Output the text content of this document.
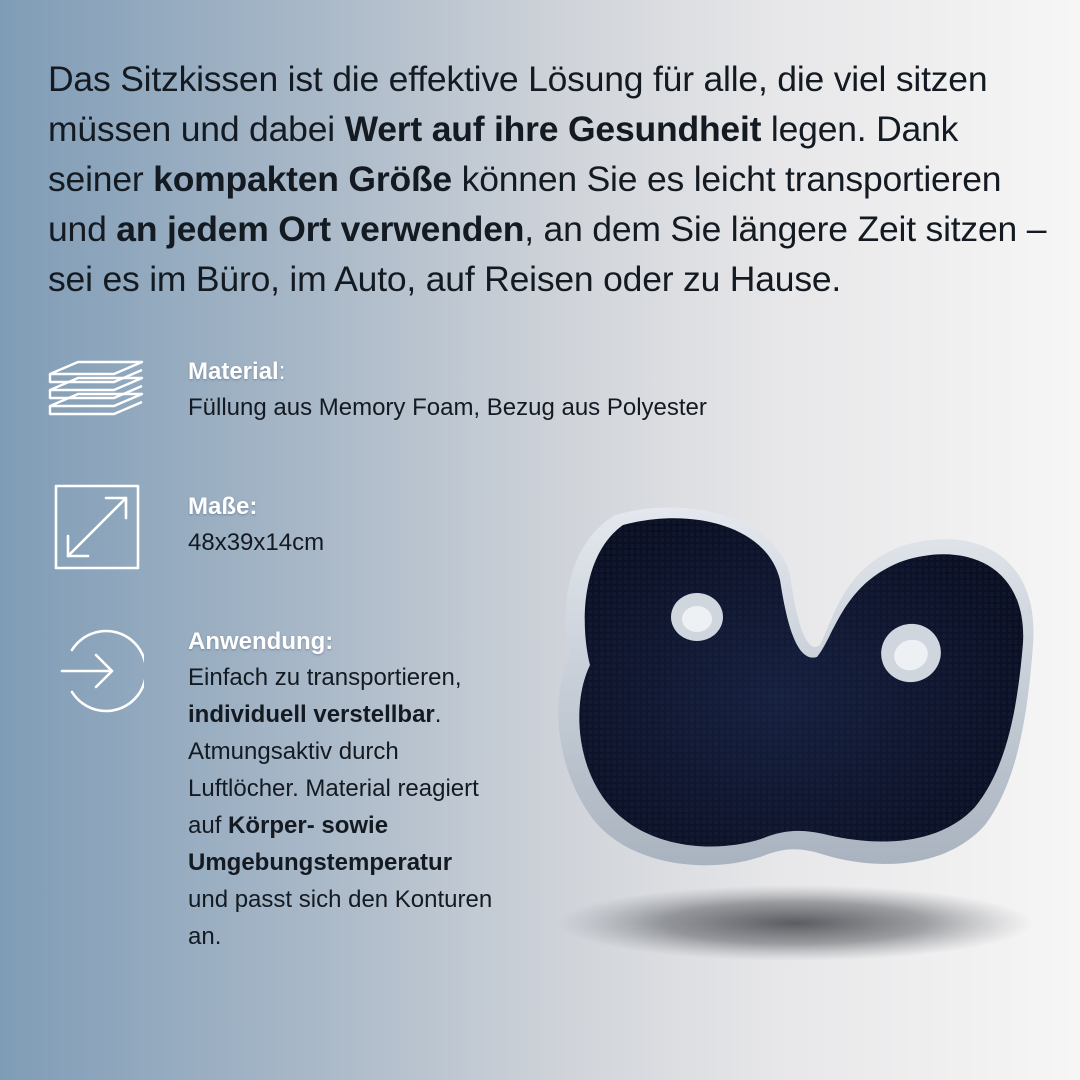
Das Sitzkissen ist die effektive Lösung für alle, die viel sitzen müssen und dabei Wert auf ihre Gesundheit legen. Dank seiner kompakten Größe können Sie es leicht transportieren und an jedem Ort verwenden, an dem Sie längere Zeit sitzen – sei es im Büro, im Auto, auf Reisen oder zu Hause.
Material:
Füllung aus Memory Foam, Bezug aus Polyester
Maße:
48x39x14cm
Anwendung:
Einfach zu transportieren,
individuell verstellbar.
Atmungsaktiv durch
Luftlöcher. Material reagiert
auf Körper- sowie
Umgebungstemperatur
und passt sich den Konturen
an.
